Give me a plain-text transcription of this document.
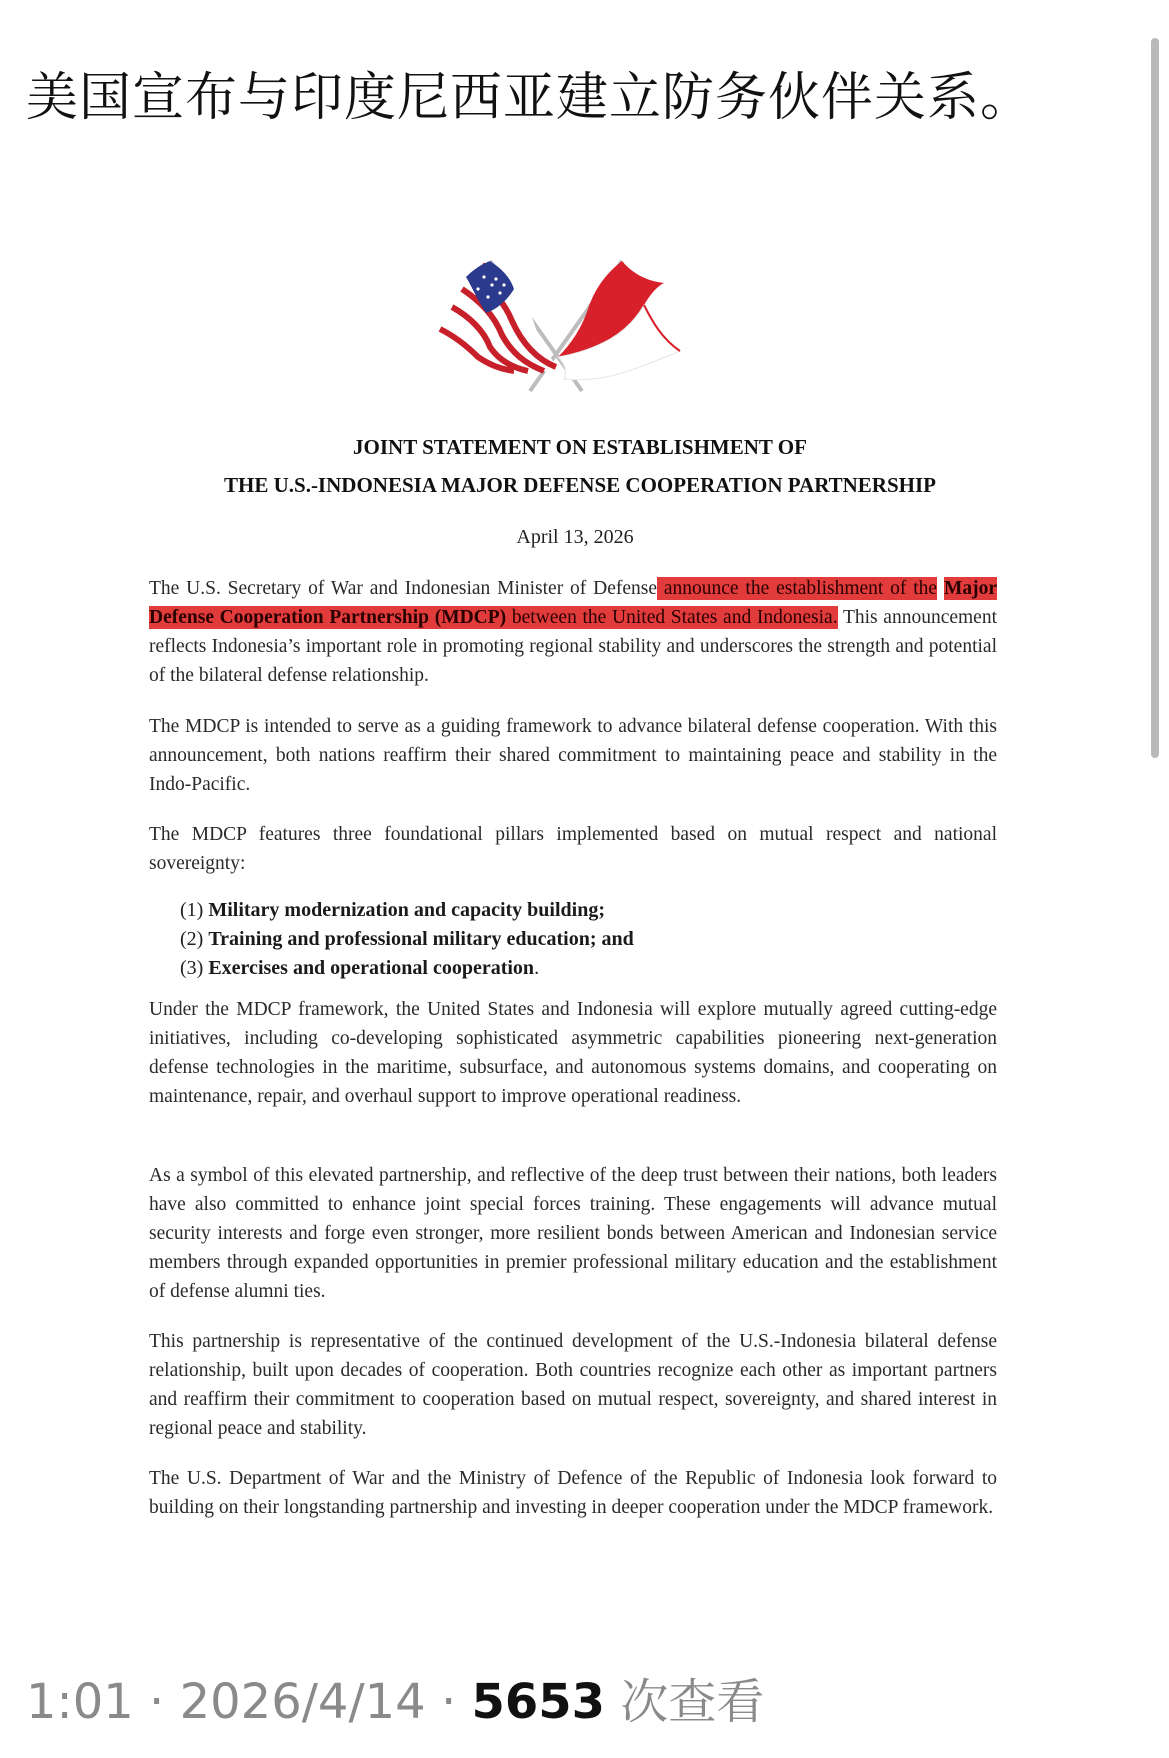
美国宣布与印度尼西亚建立防务伙伴关系。
JOINT STATEMENT ON ESTABLISHMENT OF
THE U.S.-INDONESIA MAJOR DEFENSE COOPERATION PARTNERSHIP
April 13, 2026

The U.S. Secretary of War and Indonesian Minister of Defense announce the establishment of the Major Defense Cooperation Partnership (MDCP) between the United States and Indonesia. This announcement reflects Indonesia’s important role in promoting regional stability and underscores the strength and potential of the bilateral defense relationship.

The MDCP is intended to serve as a guiding framework to advance bilateral defense cooperation. With this announcement, both nations reaffirm their shared commitment to maintaining peace and stability in the Indo-Pacific.

The MDCP features three foundational pillars implemented based on mutual respect and national sovereignty:

(1) Military modernization and capacity building;
(2) Training and professional military education; and
(3) Exercises and operational cooperation.

Under the MDCP framework, the United States and Indonesia will explore mutually agreed cutting-edge initiatives, including co-developing sophisticated asymmetric capabilities pioneering next-generation defense technologies in the maritime, subsurface, and autonomous systems domains, and cooperating on maintenance, repair, and overhaul support to improve operational readiness.

As a symbol of this elevated partnership, and reflective of the deep trust between their nations, both leaders have also committed to enhance joint special forces training. These engagements will advance mutual security interests and forge even stronger, more resilient bonds between American and Indonesian service members through expanded opportunities in premier professional military education and the establishment of defense alumni ties.

This partnership is representative of the continued development of the U.S.-Indonesia bilateral defense relationship, built upon decades of cooperation. Both countries recognize each other as important partners and reaffirm their commitment to cooperation based on mutual respect, sovereignty, and shared interest in regional peace and stability.

The U.S. Department of War and the Ministry of Defence of the Republic of Indonesia look forward to building on their longstanding partnership and investing in deeper cooperation under the MDCP framework.

1:01 · 2026/4/14 · 5653 次查看
